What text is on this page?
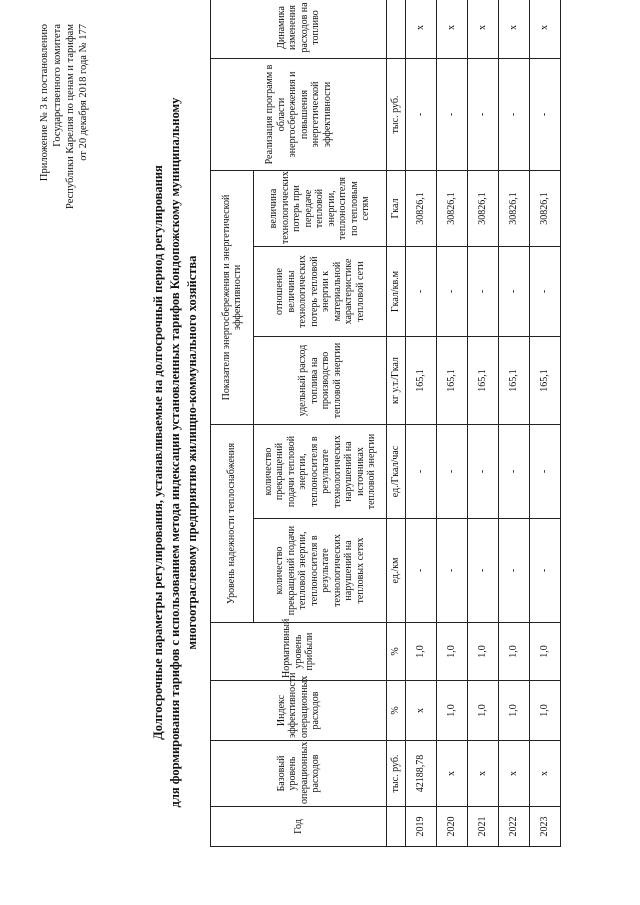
Приложение № 3 к постановлению Государственного комитета Республики Карелия по ценам и тарифам от 20 декабря 2018 года № 177
Долгосрочные параметры регулирования, устанавливаемые на долгосрочный период регулирования для формирования тарифов с использованием метода индексации установленных тарифов Кондопожскому муниципальному многоотраслевому предприятию жилищно-коммунального хозяйства
Год	Базовый уровень операционных расходов	Индекс эффективности операционных расходов	Нормативный уровень прибыли	Уровень надежности теплоснабжения		Показатели энергосбережения и энергетической эффективности			Реализация программ в области энергосбережения и повышения энергетической эффективности	Динамика изменения расходов на топливо
				количество прекращений подачи тепловой энергии, теплоносителя в результате технологических нарушений на тепловых сетях	количество прекращений подачи тепловой энергии, теплоносителя в результате технологических нарушений на источниках тепловой энергии	удельный расход топлива на производство тепловой энергии	отношение величины технологических потерь тепловой энергии к материальной характеристике тепловой сети	величина технологических потерь при передаче тепловой энергии, теплоносителя по тепловым сетям		
	тыс. руб.	%	%	ед./км	ед./Гкал/час	кг у.т./Гкал	Гкал/кв.м	Гкал	тыс. руб.	
2019	42188,78	x	1,0	-	-	165,1	-	30826,1	-	x
2020	x	1,0	1,0	-	-	165,1	-	30826,1	-	x
2021	x	1,0	1,0	-	-	165,1	-	30826,1	-	x
2022	x	1,0	1,0	-	-	165,1	-	30826,1	-	x
2023	x	1,0	1,0	-	-	165,1	-	30826,1	-	x
